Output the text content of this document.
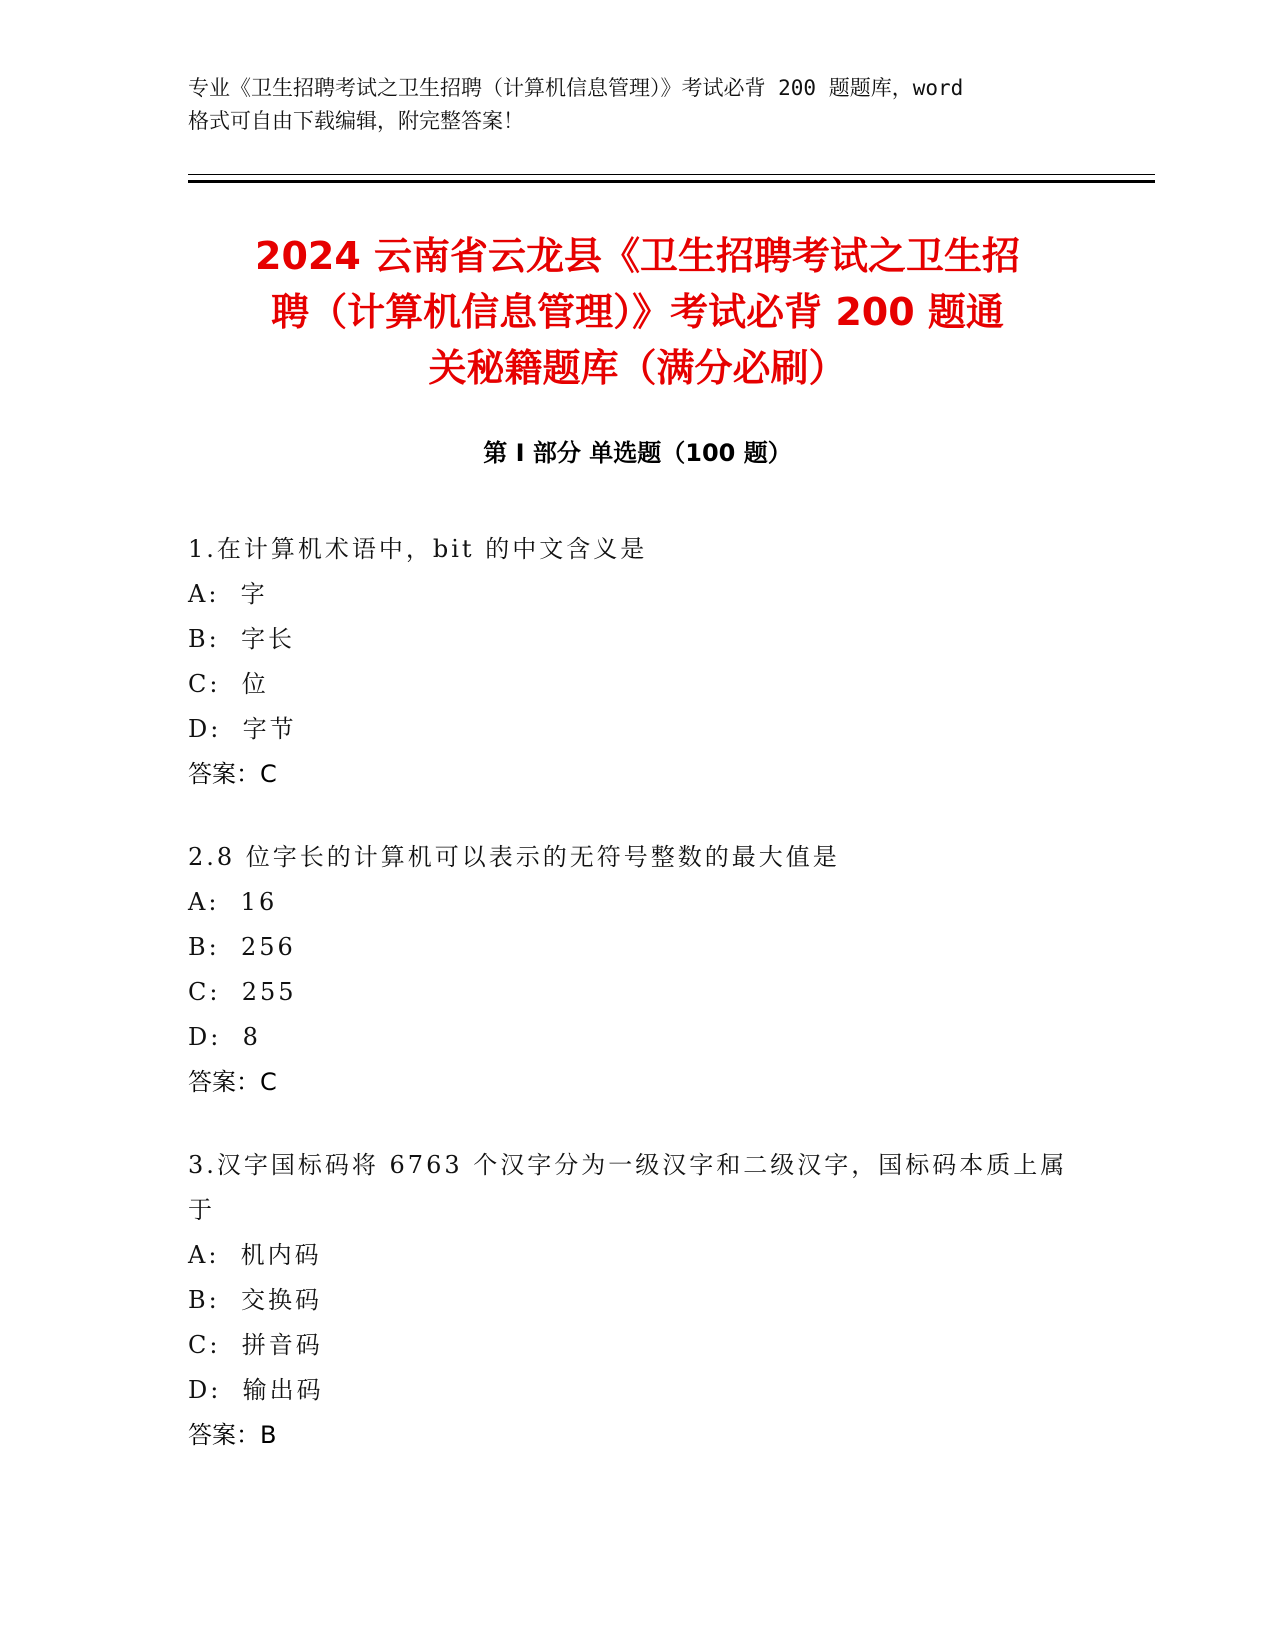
专业《卫生招聘考试之卫生招聘（计算机信息管理）》考试必背 200 题题库，word
格式可自由下载编辑，附完整答案！
2024 云南省云龙县《卫生招聘考试之卫生招
聘（计算机信息管理）》考试必背 200 题通
关秘籍题库（满分必刷）
第 I 部分 单选题（100 题）
1.在计算机术语中，bit 的中文含义是
A:  字
B:  字长
C:  位
D:  字节
答案：C
2.8 位字长的计算机可以表示的无符号整数的最大值是
A:  16
B:  256
C:  255
D:  8
答案：C
3.汉字国标码将 6763 个汉字分为一级汉字和二级汉字，国标码本质上属于
A:  机内码
B:  交换码
C:  拼音码
D:  输出码
答案：B
